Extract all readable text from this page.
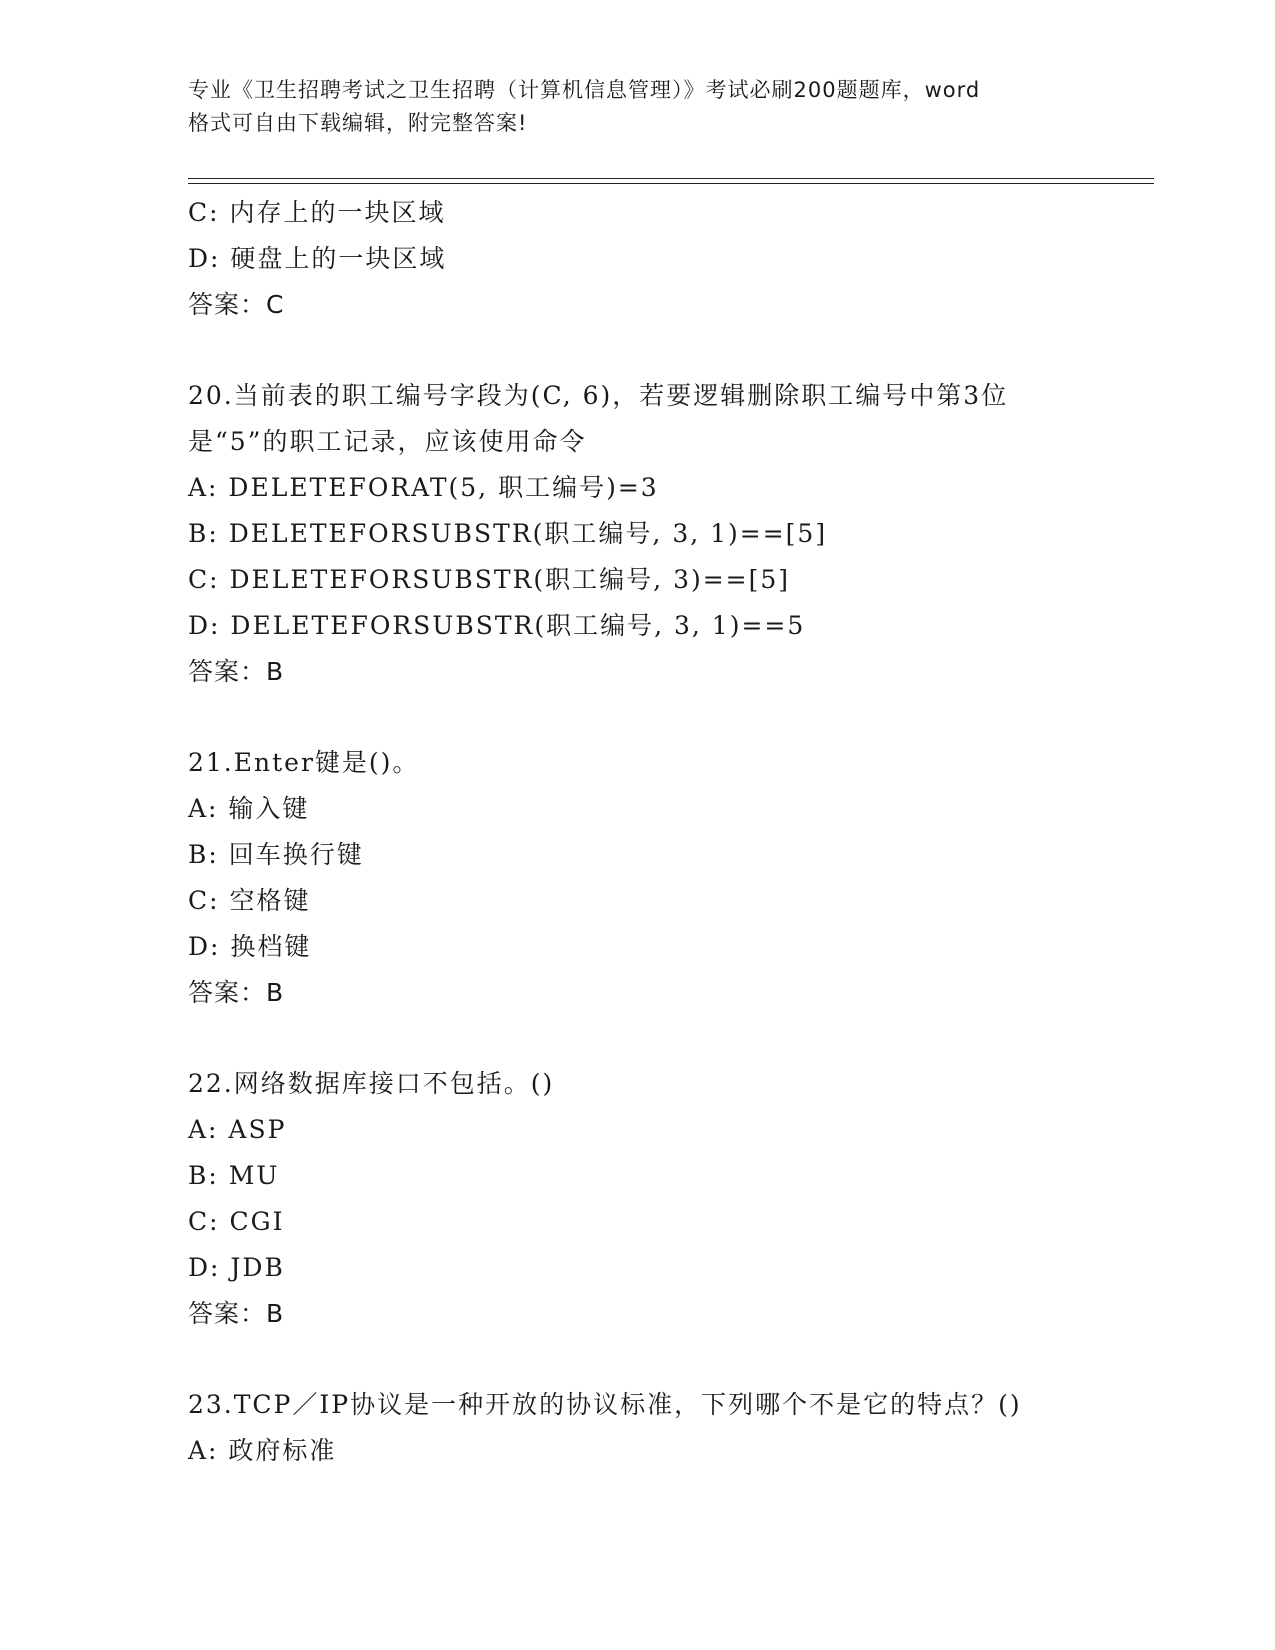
专业《卫生招聘考试之卫生招聘（计算机信息管理）》考试必刷200题题库，word
格式可自由下载编辑，附完整答案!
C: 内存上的一块区域
D: 硬盘上的一块区域
答案：C
20.当前表的职工编号字段为(C, 6)，若要逻辑删除职工编号中第3位
是“5”的职工记录，应该使用命令
A: DELETEFORAT(5, 职工编号)=3
B: DELETEFORSUBSTR(职工编号, 3, 1)==[5]
C: DELETEFORSUBSTR(职工编号, 3)==[5]
D: DELETEFORSUBSTR(职工编号, 3, 1)==5
答案：B
21.Enter键是()。
A: 输入键
B: 回车换行键
C: 空格键
D: 换档键
答案：B
22.网络数据库接口不包括。()
A: ASP
B: MU
C: CGI
D: JDB
答案：B
23.TCP／IP协议是一种开放的协议标准，下列哪个不是它的特点？()
A: 政府标准
